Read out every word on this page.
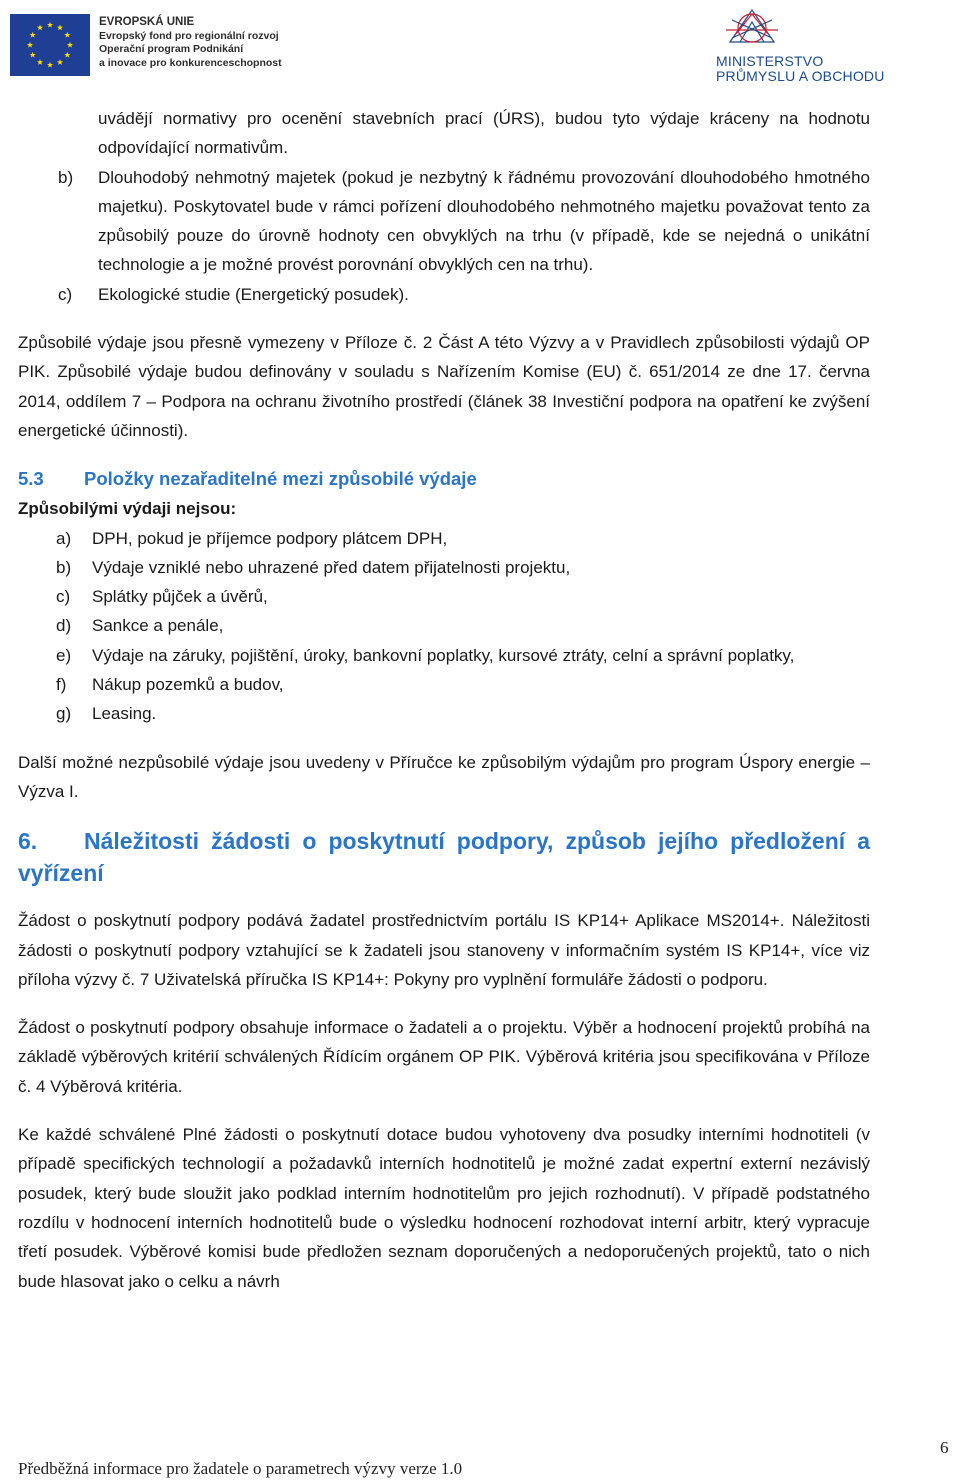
EVROPSKÁ UNIE
Evropský fond pro regionální rozvoj
Operační program Podnikání
a inovace pro konkurenceschopnost	MINISTERSTVO
PRŮMYSLU A OBCHODU

uvádějí normativy pro ocenění stavebních prací (ÚRS), budou tyto výdaje kráceny na hodnotu odpovídající normativům.

b) Dlouhodobý nehmotný majetek (pokud je nezbytný k řádnému provozování dlouhodobého hmotného majetku). Poskytovatel bude v rámci pořízení dlouhodobého nehmotného majetku považovat tento za způsobilý pouze do úrovně hodnoty cen obvyklých na trhu (v případě, kde se nejedná o unikátní technologie a je možné provést porovnání obvyklých cen na trhu).

c) Ekologické studie (Energetický posudek).

Způsobilé výdaje jsou přesně vymezeny v Příloze č. 2 Část A této Výzvy a v Pravidlech způsobilosti výdajů OP PIK. Způsobilé výdaje budou definovány v souladu s Nařízením Komise (EU) č. 651/2014 ze dne 17. června 2014, oddílem 7 – Podpora na ochranu životního prostředí (článek 38 Investiční podpora na opatření ke zvýšení energetické účinnosti).

5.3 Položky nezařaditelné mezi způsobilé výdaje

Způsobilými výdaji nejsou:

a) DPH, pokud je příjemce podpory plátcem DPH,

b) Výdaje vzniklé nebo uhrazené před datem přijatelnosti projektu,

c) Splátky půjček a úvěrů,

d) Sankce a penále,

e) Výdaje na záruky, pojištění, úroky, bankovní poplatky, kursové ztráty, celní a správní poplatky,

f) Nákup pozemků a budov,

g) Leasing.

Další možné nezpůsobilé výdaje jsou uvedeny v Příručce ke způsobilým výdajům pro program Úspory energie – Výzva I.

6. Náležitosti žádosti o poskytnutí podpory, způsob jejího předložení a vyřízení

Žádost o poskytnutí podpory podává žadatel prostřednictvím portálu IS KP14+ Aplikace MS2014+. Náležitosti žádosti o poskytnutí podpory vztahující se k žadateli jsou stanoveny v informačním systém IS KP14+, více viz příloha výzvy č. 7 Uživatelská příručka IS KP14+: Pokyny pro vyplnění formuláře žádosti o podporu.

Žádost o poskytnutí podpory obsahuje informace o žadateli a o projektu. Výběr a hodnocení projektů probíhá na základě výběrových kritérií schválených Řídícím orgánem OP PIK. Výběrová kritéria jsou specifikována v Příloze č. 4 Výběrová kritéria.

Ke každé schválené Plné žádosti o poskytnutí dotace budou vyhotoveny dva posudky interními hodnotiteli (v případě specifických technologií a požadavků interních hodnotitelů je možné zadat expertní externí nezávislý posudek, který bude sloužit jako podklad interním hodnotitelům pro jejich rozhodnutí). V případě podstatného rozdílu v hodnocení interních hodnotitelů bude o výsledku hodnocení rozhodovat interní arbitr, který vypracuje třetí posudek. Výběrové komisi bude předložen seznam doporučených a nedoporučených projektů, tato o nich bude hlasovat jako o celku a návrh

Předběžná informace pro žadatele o parametrech výzvy verze 1.0
6
